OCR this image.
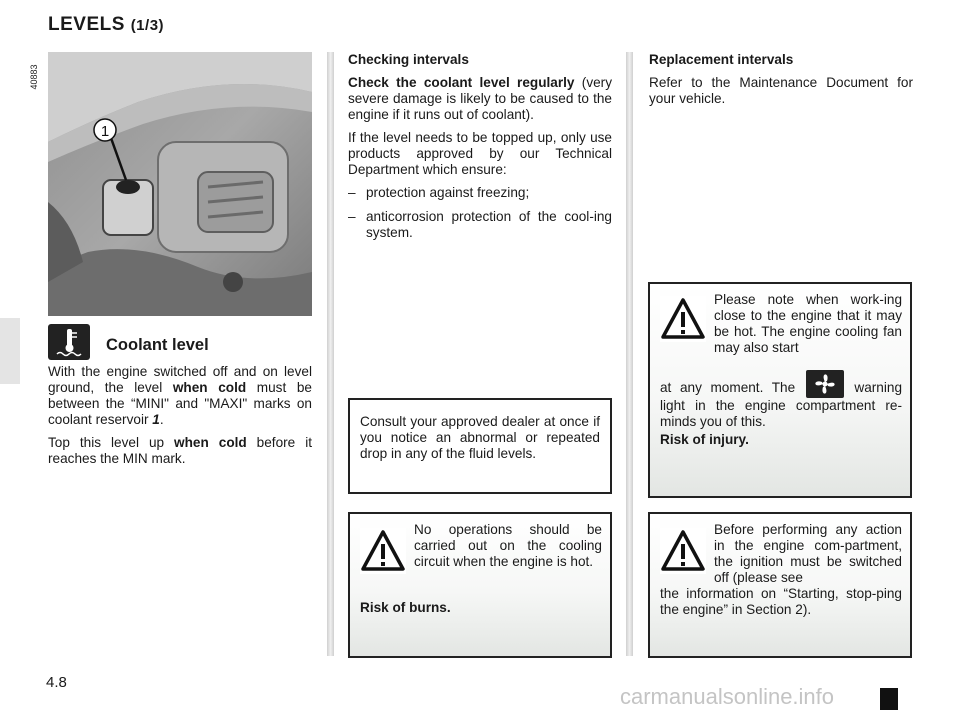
LEVELS (1/3)
40883
1
Coolant level

With the engine switched off and on level ground, the level when cold must be between the “MINI" and "MAXI" marks on coolant reservoir 1.

Top this level up when cold before it reaches the MIN mark.

Checking intervals

Check the coolant level regularly (very severe damage is likely to be caused to the engine if it runs out of coolant).

If the level needs to be topped up, only use products approved by our Technical Department which ensure:

– protection against freezing;
– anticorrosion protection of the cool-ing system.

Replacement intervals

Refer to the Maintenance Document for your vehicle.

Consult your approved dealer at once if you notice an abnormal or repeated drop in any of the fluid levels.
No operations should be carried out on the cooling circuit when the engine is hot.
Risk of burns.
Please note when work-ing close to the engine that it may be hot. The engine cooling fan may also start
at any moment. The	warning light in the engine compartment re-minds you of this.
Risk of injury.
Before performing any action in the engine com-partment, the ignition must be switched off (please see
the information on “Starting, stop-ping the engine” in Section 2).
4.8
carmanualsonline.info
